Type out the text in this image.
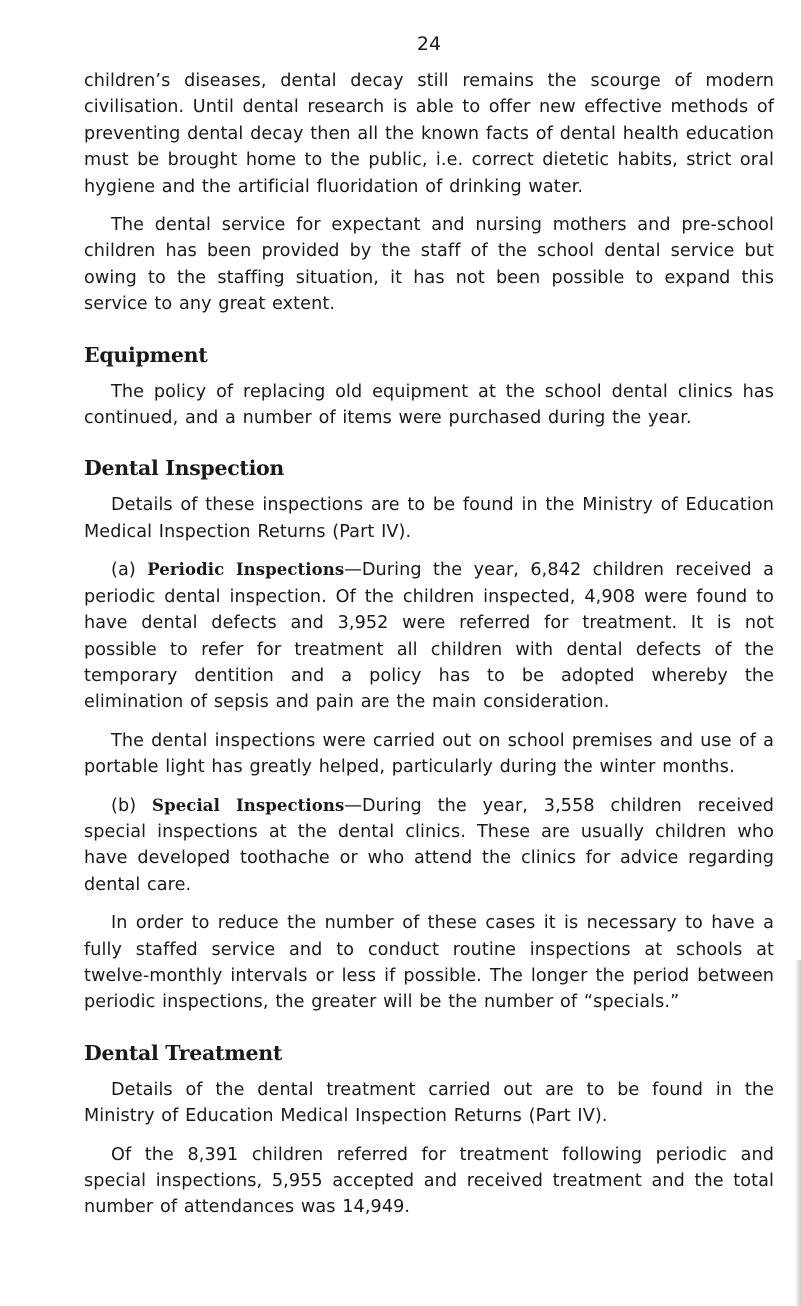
24

children’s diseases, dental decay still remains the scourge of modern civilisation. Until dental research is able to offer new effective methods of preventing dental decay then all the known facts of dental health education must be brought home to the public, i.e. correct dietetic habits, strict oral hygiene and the artificial fluoridation of drinking water.

The dental service for expectant and nursing mothers and pre-school children has been provided by the staff of the school dental service but owing to the staffing situation, it has not been possible to expand this service to any great extent.

Equipment

The policy of replacing old equipment at the school dental clinics has continued, and a number of items were purchased during the year.

Dental Inspection

Details of these inspections are to be found in the Ministry of Education Medical Inspection Returns (Part IV).

(a) Periodic Inspections—During the year, 6,842 children received a periodic dental inspection. Of the children inspected, 4,908 were found to have dental defects and 3,952 were referred for treatment. It is not possible to refer for treatment all children with dental defects of the temporary dentition and a policy has to be adopted whereby the elimination of sepsis and pain are the main consideration.

The dental inspections were carried out on school premises and use of a portable light has greatly helped, particularly during the winter months.

(b) Special Inspections—During the year, 3,558 children received special inspections at the dental clinics. These are usually children who have developed toothache or who attend the clinics for advice regarding dental care.

In order to reduce the number of these cases it is necessary to have a fully staffed service and to conduct routine inspections at schools at twelve-monthly intervals or less if possible. The longer the period between periodic inspections, the greater will be the number of “specials.”

Dental Treatment

Details of the dental treatment carried out are to be found in the Ministry of Education Medical Inspection Returns (Part IV).

Of the 8,391 children referred for treatment following periodic and special inspections, 5,955 accepted and received treatment and the total number of attendances was 14,949.
